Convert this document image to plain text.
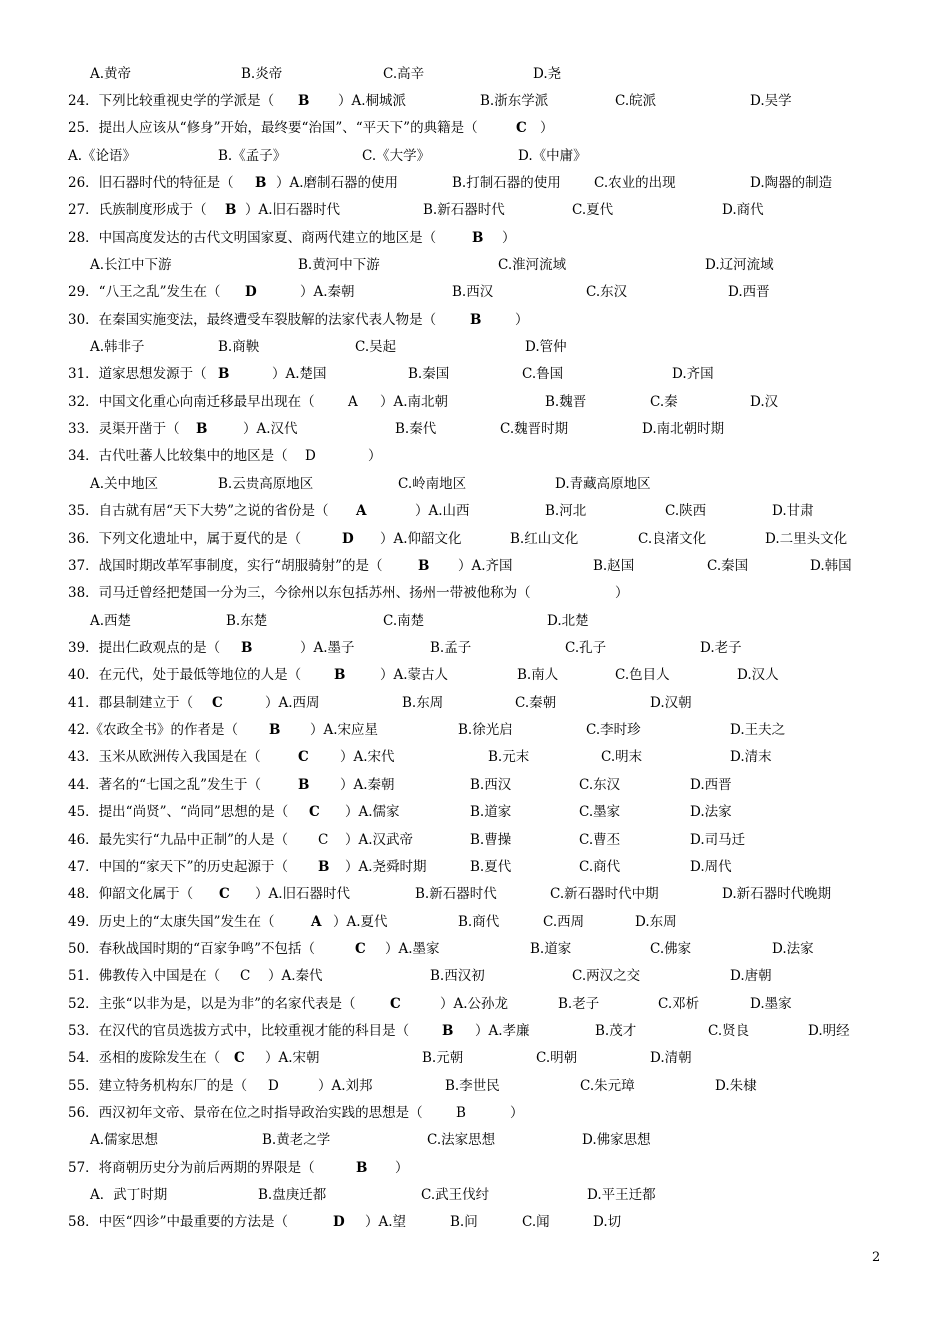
A.黄帝	B.炎帝	C.高辛	D.尧
24．下列比较重视史学的学派是（ B ）A.桐城派	B.浙东学派	C.皖派	D.吴学
25．提出人应该从“修身”开始，最终要“治国”、“平天下”的典籍是（	C ）
A.《论语》	B.《孟子》	C.《大学》	D.《中庸》
26．旧石器时代的特征是（ B ）A.磨制石器的使用	B.打制石器的使用 C.农业的出现	D.陶器的制造
27．氏族制度形成于（ B ）A.旧石器时代	B.新石器时代	C.夏代	D.商代
28．中国高度发达的古代文明国家夏、商两代建立的地区是（	B ）
A.长江中下游	B.黄河中下游	C.淮河流域	D.辽河流域
29．“八王之乱”发生在（ D	）A.秦朝	B.西汉	C.东汉	D.西晋
30．在秦国实施变法，最终遭受车裂肢解的法家代表人物是（	B ）
A.韩非子	B.商鞅	C.吴起	D.管仲
31．道家思想发源于（ B	）A.楚国	B.秦国	C.鲁国	D.齐国
32．中国文化重心向南迁移最早出现在（ A ）A.南北朝	B.魏晋	C.秦	D.汉
33．灵渠开凿于（ B	）A.汉代	B.秦代	C.魏晋时期	D.南北朝时期
34．古代吐蕃人比较集中的地区是（ D	）
A.关中地区	B.云贵高原地区	C.岭南地区	D.青藏高原地区
35．自古就有居“天下大势”之说的省份是（ A	）A.山西	B.河北	C.陕西	D.甘肃
36．下列文化遗址中，属于夏代的是（	D ）A.仰韶文化	B.红山文化	C.良渚文化	D.二里头文化
37．战国时期改革军事制度，实行“胡服骑射”的是（	B ）A.齐国	B.赵国	C.秦国	D.韩国
38．司马迁曾经把楚国一分为三，今徐州以东包括苏州、扬州一带被他称为（	）
A.西楚	B.东楚	C.南楚	D.北楚
39．提出仁政观点的是（ B	）A.墨子	B.孟子	C.孔子	D.老子
40．在元代，处于最低等地位的人是（ B	）A.蒙古人	B.南人	C.色目人	D.汉人
41．郡县制建立于（ C	）A.西周	B.东周	C.秦朝	D.汉朝
42.《农政全书》的作者是（ B ）A.宋应星	B.徐光启	C.李时珍	D.王夫之
43．玉米从欧洲传入我国是在（	C ）A.宋代	B.元末	C.明末	D.清末
44．著名的“七国之乱”发生于（	B ）A.秦朝	B.西汉	C.东汉	D.西晋
45．提出“尚贤”、“尚同”思想的是（ C ）A.儒家	B.道家	C.墨家	D.法家
46．最先实行“九品中正制”的人是（ C ）A.汉武帝	B.曹操	C.曹丕	D.司马迁
47．中国的“家天下”的历史起源于（ B ）A.尧舜时期	B.夏代	C.商代	D.周代
48．仰韶文化属于（ C ）A.旧石器时代	B.新石器时代	C.新石器时代中期	D.新石器时代晚期
49．历史上的“太康失国”发生在（	A ）A.夏代	B.商代	C.西周	D.东周
50．春秋战国时期的“百家争鸣”不包括（	C ）A.墨家	B.道家	C.佛家	D.法家
51．佛教传入中国是在（ C ）A.秦代	B.西汉初	C.两汉之交	D.唐朝
52．主张“以非为是，以是为非”的名家代表是（	C	）A.公孙龙	B.老子	C.邓析	D.墨家
53．在汉代的官员选拔方式中，比较重视才能的科目是（ B ）A.孝廉	B.茂才	C.贤良	D.明经
54．丞相的废除发生在（ C ）A.宋朝	B.元朝	C.明朝	D.清朝
55．建立特务机构东厂的是（ D	）A.刘邦	B.李世民	C.朱元璋	D.朱棣
56．西汉初年文帝、景帝在位之时指导政治实践的思想是（ B	）
A.儒家思想	B.黄老之学	C.法家思想	D.佛家思想
57．将商朝历史分为前后两期的界限是（	B ）
A．武丁时期	B.盘庚迁都	C.武王伐纣	D.平王迁都
58．中医“四诊”中最重要的方法是（	D ）A.望	B.问	C.闻	D.切
2
